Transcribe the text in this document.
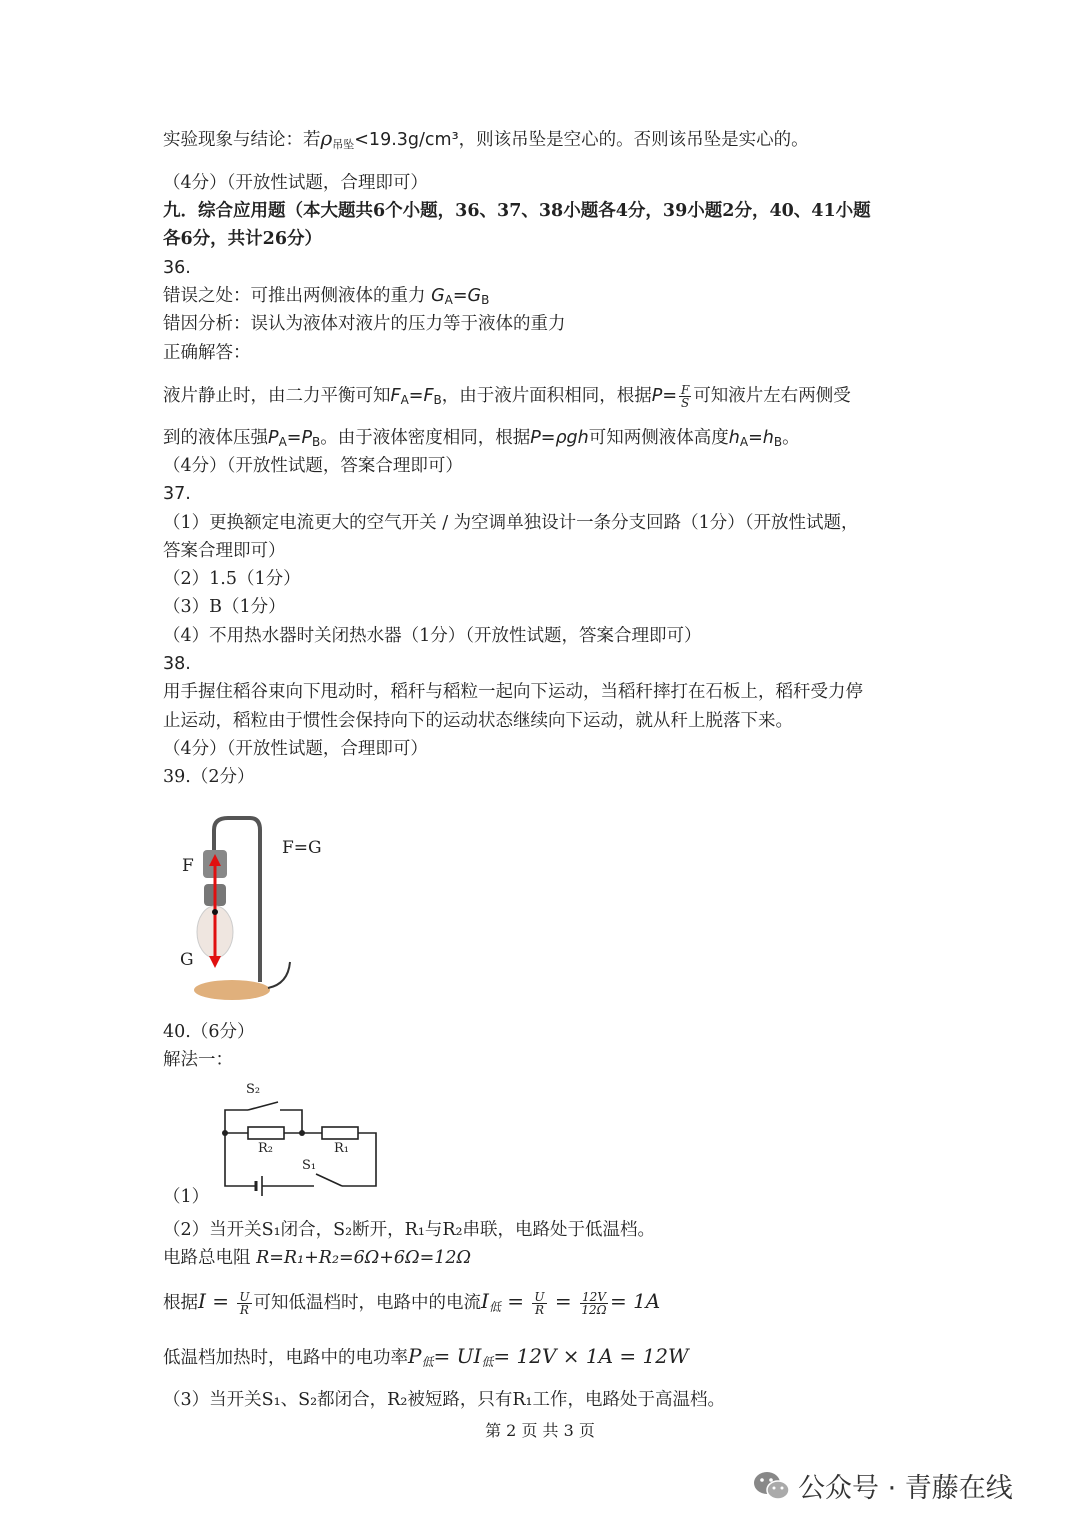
实验现象与结论：若$\rho_{吊坠}<19.3g$/cm³，则该吊坠是空心的。否则该吊坠是实心的。
（4分）（开放性试题，合理即可）
九．综合应用题（本大题共6个小题，36、37、38小题各4分，39小题2分，40、41小题
各6分，共计26分）
36.
错误之处：可推出两侧液体的重力 $G_A=G_B$
错因分析：误认为液体对液片的压力等于液体的重力
正确解答：
液片静止时，由二力平衡可知$F_A=F_B$，由于液片面积相同，根据$P= \frac{F}{S}$ 可知液片左右两侧受
到的液体压强$P_A=P_B$。由于液体密度相同，根据P=ρgh可知两侧液体高度$h_A=h_B$。
（4分）（开放性试题，答案合理即可）
37.
（1）更换额定电流更大的空气开关 / 为空调单独设计一条分支回路（1分）（开放性试题，
答案合理即可）
（2）1.5（1分）
（3）B（1分）
（4）不用热水器时关闭热水器（1分）（开放性试题，答案合理即可）
38.
用手握住稻谷束向下甩动时，稻秆与稻粒一起向下运动，当稻秆摔打在石板上，稻秆受力停
止运动，稻粒由于惯性会保持向下的运动状态继续向下运动，就从秆上脱落下来。
（4分）（开放性试题，合理即可）
39.（2分）
F
G
F=G
40.（6分）
解法一：
S₂
R₂	R₁
S₁
（1）
（2）当开关S₁闭合，S₂断开，R₁与R₂串联，电路处于低温档。
电路总电阻 R=R₁+R₂=6Ω+6Ω=12Ω
根据$I = \frac{U}{R}$ 可知低温档时，电路中的电流$I_低 = \frac{U}{R} = \frac{12V}{12\Omega} = 1A$
低温档加热时，电路中的电功率$P_低= UI_低= 12V \times 1A = 12W$
（3）当开关S₁、S₂都闭合，R₂被短路，只有R₁工作，电路处于高温档。
第 2 页 共 3 页
公众号 · 青藤在线
